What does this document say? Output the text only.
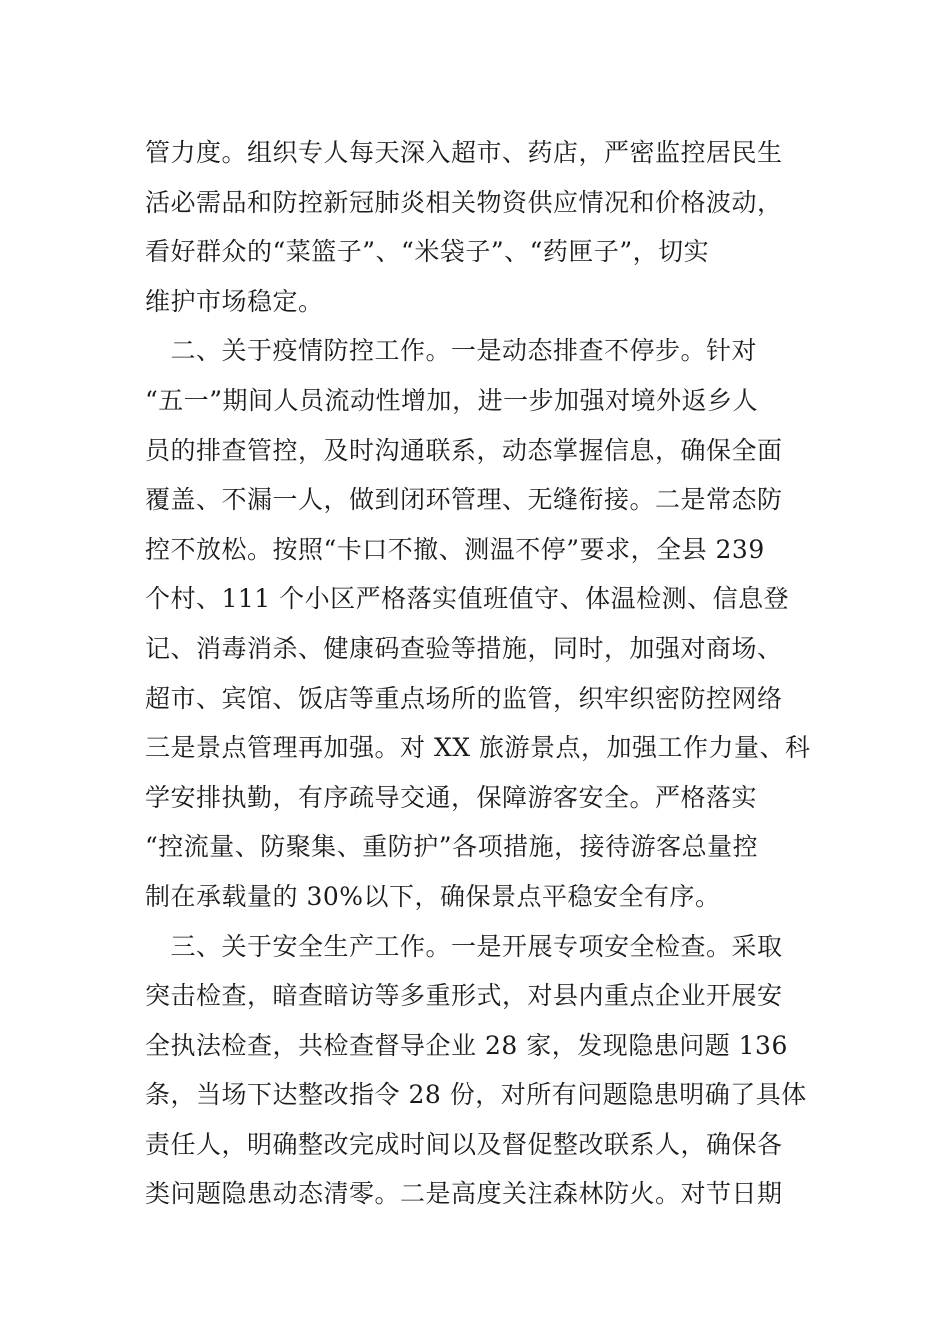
管力度。组织专人每天深入超市、药店，严密监控居民生
活必需品和防控新冠肺炎相关物资供应情况和价格波动，
看好群众的“菜篮子”、“米袋子”、“药匣子”，切实
维护市场稳定。
　二、关于疫情防控工作。一是动态排查不停步。针对
“五一”期间人员流动性增加，进一步加强对境外返乡人
员的排查管控，及时沟通联系，动态掌握信息，确保全面
覆盖、不漏一人，做到闭环管理、无缝衔接。二是常态防
控不放松。按照“卡口不撤、测温不停”要求，全县 239
个村、111 个小区严格落实值班值守、体温检测、信息登
记、消毒消杀、健康码查验等措施，同时，加强对商场、
超市、宾馆、饭店等重点场所的监管，织牢织密防控网络
三是景点管理再加强。对 XX 旅游景点，加强工作力量、科
学安排执勤，有序疏导交通，保障游客安全。严格落实
“控流量、防聚集、重防护”各项措施，接待游客总量控
制在承载量的 30%以下，确保景点平稳安全有序。
　三、关于安全生产工作。一是开展专项安全检查。采取
突击检查，暗查暗访等多重形式，对县内重点企业开展安
全执法检查，共检查督导企业 28 家，发现隐患问题 136
条，当场下达整改指令 28 份，对所有问题隐患明确了具体
责任人，明确整改完成时间以及督促整改联系人，确保各
类问题隐患动态清零。二是高度关注森林防火。对节日期
